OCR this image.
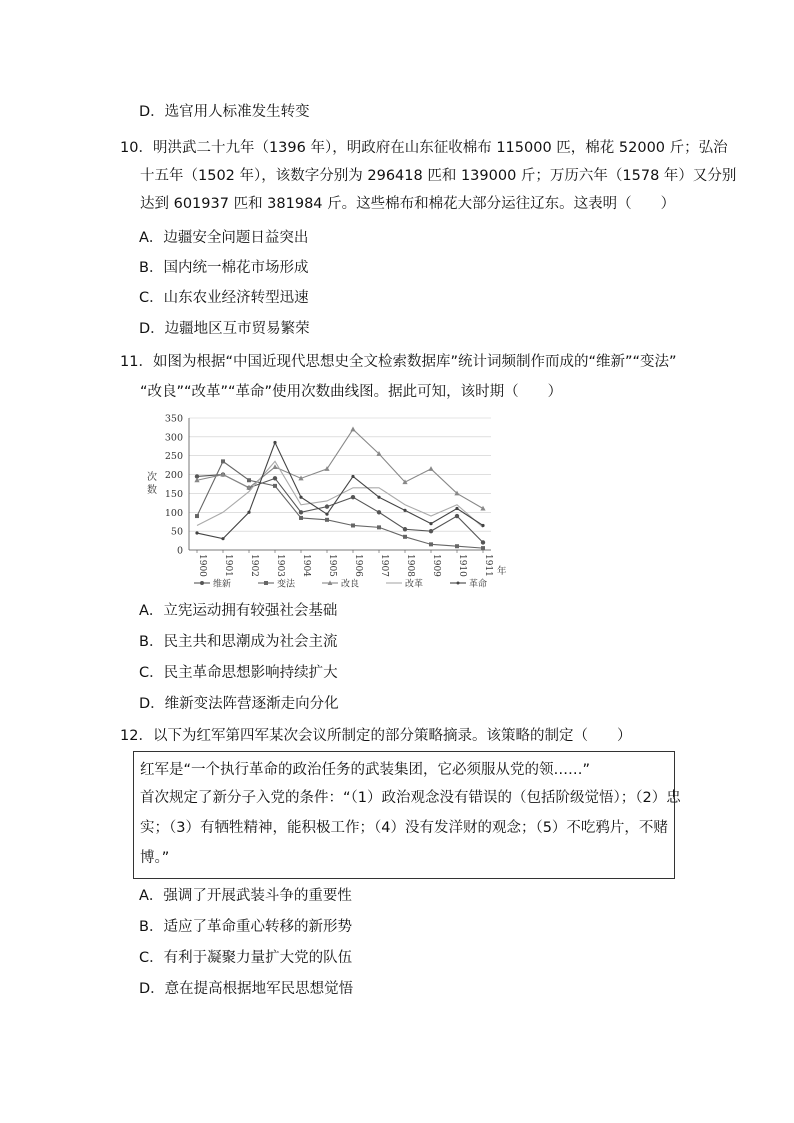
D．选官用人标准发生转变
10．明洪武二十九年（1396 年），明政府在山东征收棉布 115000 匹，棉花 52000 斤；弘治
十五年（1502 年），该数字分别为 296418 匹和 139000 斤；万历六年（1578 年）又分别
达到 601937 匹和 381984 斤。这些棉布和棉花大部分运往辽东。这表明（　　）
A．边疆安全问题日益突出
B．国内统一棉花市场形成
C．山东农业经济转型迅速
D．边疆地区互市贸易繁荣
11．如图为根据“中国近现代思想史全文检索数据库”统计词频制作而成的“维新”“变法”
“改良”“改革”“革命”使用次数曲线图。据此可知，该时期（　　）
0
50
100
150
200
250
300
350
次
数
1900 1901 1902 1903 1904 1905 1906 1907 1908 1909 1910 1911 年
维新	变法	改良	改革	革命
A．立宪运动拥有较强社会基础
B．民主共和思潮成为社会主流
C．民主革命思想影响持续扩大
D．维新变法阵营逐渐走向分化
12．以下为红军第四军某次会议所制定的部分策略摘录。该策略的制定（　　）
红军是“一个执行革命的政治任务的武装集团，它必须服从党的领……”
首次规定了新分子入党的条件：“（1）政治观念没有错误的（包括阶级觉悟）；（2）忠
实；（3）有牺牲精神，能积极工作；（4）没有发洋财的观念；（5）不吃鸦片，不赌
博。”
A．强调了开展武装斗争的重要性
B．适应了革命重心转移的新形势
C．有利于凝聚力量扩大党的队伍
D．意在提高根据地军民思想觉悟
